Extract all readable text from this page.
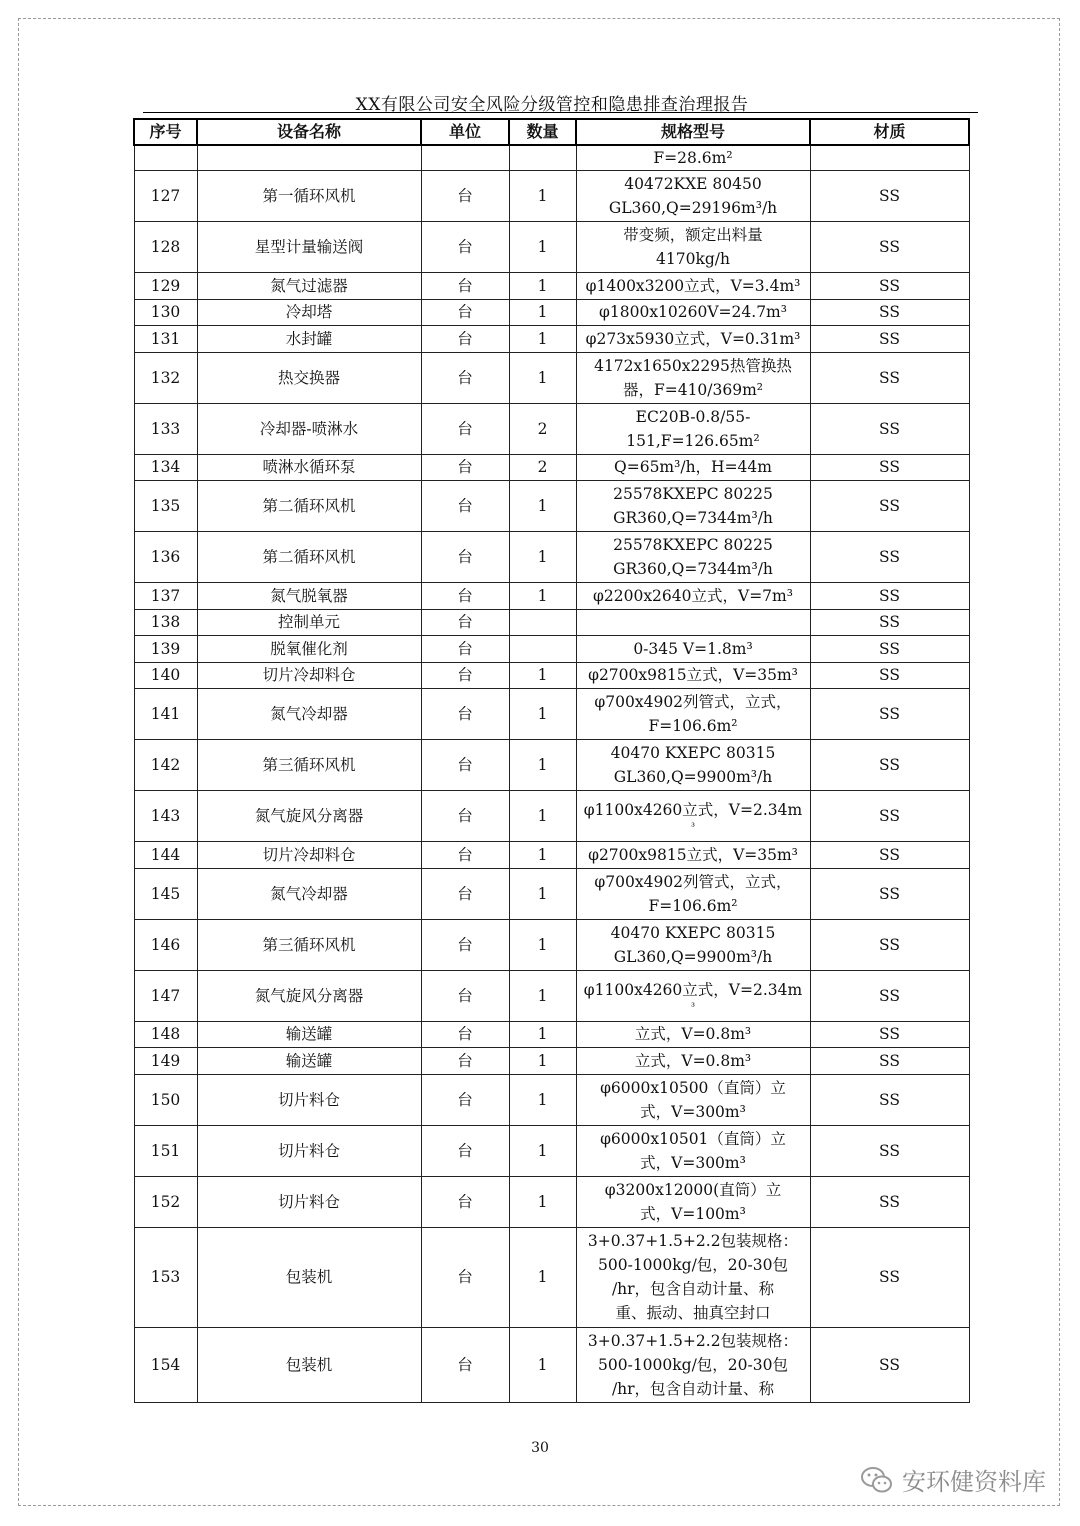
XX有限公司安全风险分级管控和隐患排查治理报告
序号	设备名称	单位	数量	规格型号	材质

				F=28.6m²	

127	第一循环风机	台	1	40472KXE 80450
GL360,Q=29196m³/h	SS
128	星型计量输送阀	台	1	带变频，额定出料量
4170kg/h	SS
129	氮气过滤器	台	1	φ1400x3200立式，V=3.4m³	SS
130	冷却塔	台	1	φ1800x10260V=24.7m³	SS
131	水封罐	台	1	φ273x5930立式，V=0.31m³	SS
132	热交换器	台	1	4172x1650x2295热管换热
器，F=410/369m²	SS
133	冷却器-喷淋水	台	2	EC20B-0.8/55-
151,F=126.65m²	SS
134	喷淋水循环泵	台	2	Q=65m³/h，H=44m	SS
135	第二循环风机	台	1	25578KXEPC 80225
GR360,Q=7344m³/h	SS
136	第二循环风机	台	1	25578KXEPC 80225
GR360,Q=7344m³/h	SS
137	氮气脱氧器	台	1	φ2200x2640立式，V=7m³	SS
138	控制单元	台			SS
139	脱氧催化剂	台		0-345 V=1.8m³	SS
140	切片冷却料仓	台	1	φ2700x9815立式，V=35m³	SS
141	氮气冷却器	台	1	φ700x4902列管式，立式，
F=106.6m²	SS
142	第三循环风机	台	1	40470 KXEPC 80315
GL360,Q=9900m³/h	SS
143	氮气旋风分离器	台	1	φ1100x4260立式，V=2.34m
³	SS
144	切片冷却料仓	台	1	φ2700x9815立式，V=35m³	SS
145	氮气冷却器	台	1	φ700x4902列管式，立式，
F=106.6m²	SS
146	第三循环风机	台	1	40470 KXEPC 80315
GL360,Q=9900m³/h	SS
147	氮气旋风分离器	台	1	φ1100x4260立式，V=2.34m
³	SS
148	输送罐	台	1	立式，V=0.8m³	SS
149	输送罐	台	1	立式，V=0.8m³	SS
150	切片料仓	台	1	φ6000x10500（直筒）立
式，V=300m³	SS
151	切片料仓	台	1	φ6000x10501（直筒）立
式，V=300m³	SS
152	切片料仓	台	1	φ3200x12000(直筒）立
式，V=100m³	SS
153	包装机	台	1	3+0.37+1.5+2.2包装规格：
500-1000kg/包，20-30包
/hr，包含自动计量、称
重、振动、抽真空封口	SS
154	包装机	台	1	3+0.37+1.5+2.2包装规格：
500-1000kg/包，20-30包
/hr，包含自动计量、称	SS
30
安环健资料库
